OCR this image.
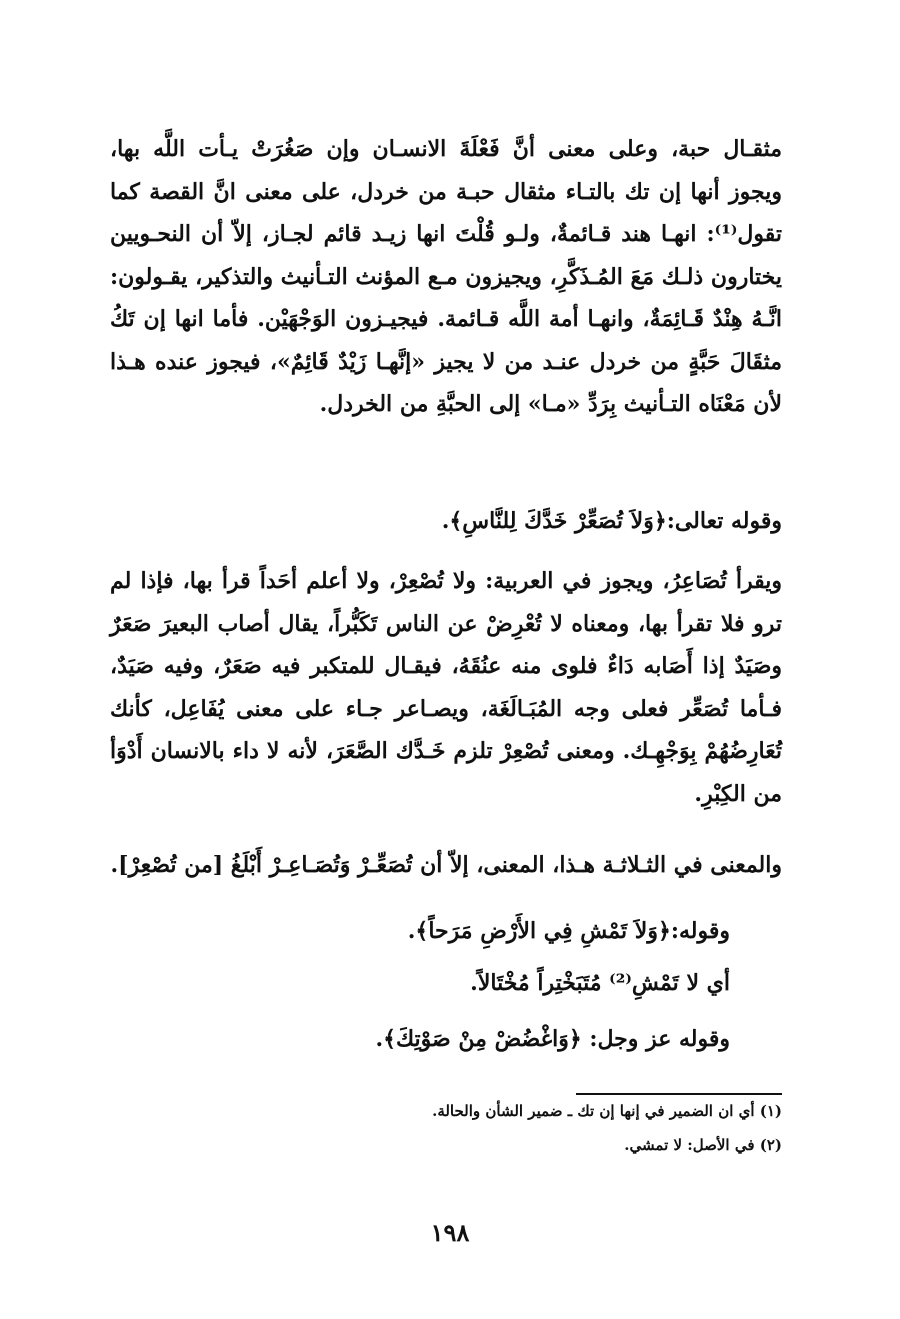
مثقـال حبة، وعلى معنى أنَّ فَعْلَةَ الانسـان وإن صَغُرَتْ يـأت اللَّه بها، ويجوز أنها إن تك بالتـاء مثقال حبـة من خردل، على معنى انَّ القصة كما تقول⁽¹⁾: انهـا هند قـائمةٌ، ولـو قُلْتَ انها زيـد قائم لجـاز، إلاّ أن النحـويين يختارون ذلـك مَعَ المُـذَكَّرِ، ويجيزون مـع المؤنث التـأنيث والتذكير، يقـولون: انَّـهُ هِنْدٌ قَـائِمَةٌ، وانهـا أمة اللَّه قـائمة. فيجيـزون الوَجْهَيْن. فأما انها إن تَكُ مثقَالَ حَبَّةٍ من خردل عنـد من لا يجيز «إنَّهـا زَيْدٌ قَائِمٌ»، فيجوز عنده هـذا لأن مَعْنَاه التـأنيث بِرَدِّ «مـا» إلى الحبَّةِ من الخردل.

وقوله تعالى:﴿وَلاَ تُصَعِّرْ خَدَّكَ لِلنَّاسِ﴾.

ويقرأ تُصَاعِرُ، ويجوز في العربية: ولا تُصْعِرْ، ولا أعلم أحَداً قرأ بها، فإذا لم ترو فلا تقرأ بها، ومعناه لا تُعْرِضْ عن الناس تَكَبُّراً، يقال أصاب البعيرَ صَعَرٌ وصَيَدٌ إذا أَصَابه دَاءٌ فلوى منه عنُقَهُ، فيقـال للمتكبر فيه صَعَرٌ، وفيه صَيَدٌ، فـأما تُصَعِّر فعلى وجه المُبَـالَغَة، ويصـاعر جـاء على معنى يُفَاعِل، كأنك تُعَارِضُهُمْ بِوَجْهِـك. ومعنى تُصْعِرْ تلزم خَـدَّك الصَّعَرَ، لأنه لا داء بالانسان أَدْوَأ من الكِبْرِ.

والمعنى في الثـلاثـة هـذا، المعنى، إلاّ أن تُصَعِّـرْ وَتُصَـاعِـرْ أَبْلَغُ [من تُصْعِرْ].

وقوله:﴿وَلاَ تَمْشِ فِي الأَرْضِ مَرَحاً﴾.
أي لا تَمْشِ⁽²⁾ مُتَبَخْتِراً مُخْتَالاً.
وقوله عز وجل: ﴿وَاغْضُضْ مِنْ صَوْتِكَ﴾.
(١) أي ان الضمير في إنها إن تك ـ ضمير الشأن والحالة.
(٢) في الأصل: لا تمشي.
١٩٨
